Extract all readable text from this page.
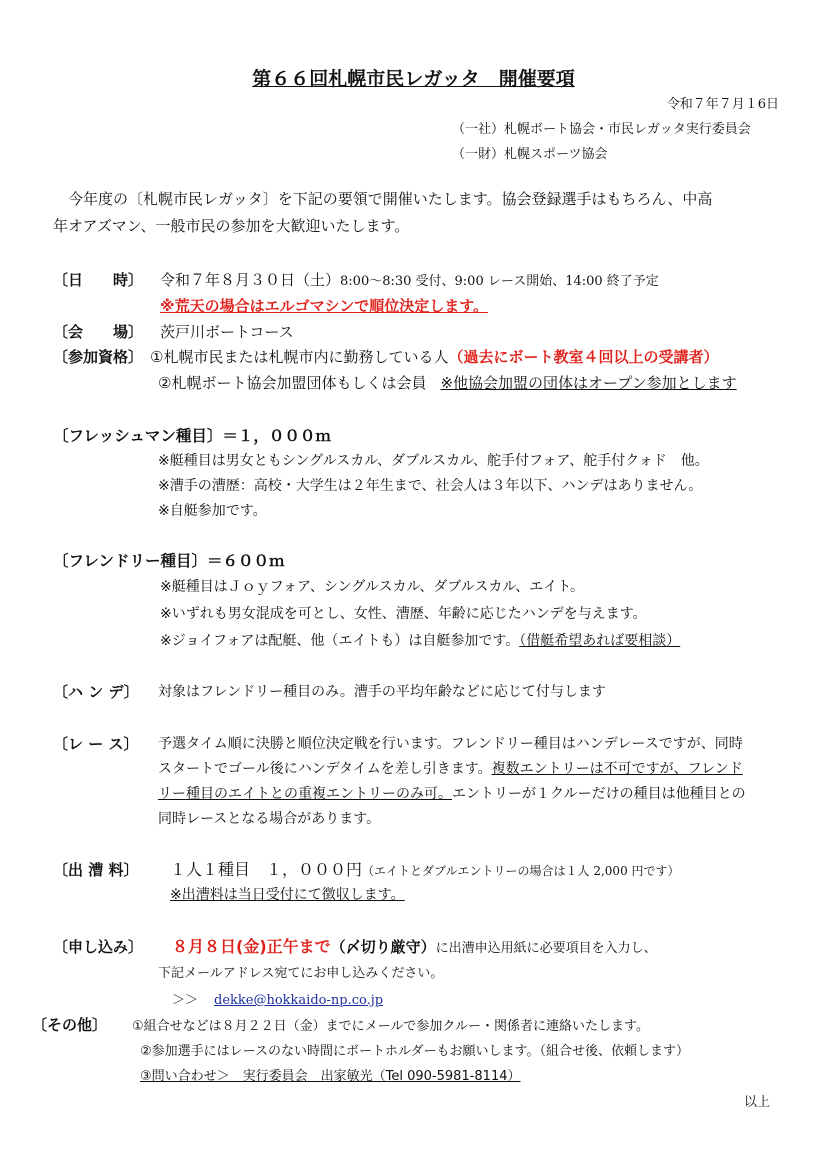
第６６回札幌市民レガッタ　開催要項
令和７年７月１6日
（一社）札幌ボート協会・市民レガッタ実行委員会
（一財）札幌スポーツ協会
今年度の〔札幌市民レガッタ〕を下記の要領で開催いたします。協会登録選手はもちろん、中高
年オアズマン、一般市民の参加を大歓迎いたします。
〔日　　時〕 令和７年８月３０日（土）8:00～8:30 受付、9:00 レース開始、14:00 終了予定
※荒天の場合はエルゴマシンで順位決定します。
〔会　　場〕 茨戸川ボートコース
〔参加資格〕 ①札幌市民または札幌市内に勤務している人（過去にボート教室４回以上の受講者）
②札幌ボート協会加盟団体もしくは会員 ※他協会加盟の団体はオープン参加とします
〔フレッシュマン種目〕＝１，０００ｍ
※艇種目は男女ともシングルスカル、ダブルスカル、舵手付フォア、舵手付クォド　他。
※漕手の漕歴：高校・大学生は２年生まで、社会人は３年以下、ハンデはありません。
※自艇参加です。
〔フレンドリー種目〕＝６００ｍ
※艇種目はＪｏｙフォア、シングルスカル、ダブルスカル、エイト。
※いずれも男女混成を可とし、女性、漕歴、年齢に応じたハンデを与えます。
※ジョイフォアは配艇、他（エイトも）は自艇参加です。（借艇希望あれば要相談）
〔ハ ン デ〕 対象はフレンドリー種目のみ。漕手の平均年齢などに応じて付与します
〔レ ー ス〕 予選タイム順に決勝と順位決定戦を行います。フレンドリー種目はハンデレースですが、同時
スタートでゴール後にハンデタイムを差し引きます。複数エントリーは不可ですが、フレンド
リー種目のエイトとの重複エントリーのみ可。エントリーが１クルーだけの種目は他種目との
同時レースとなる場合があります。
〔出 漕 料〕 １人１種目　１，０００円（エイトとダブルエントリーの場合は１人 2,000 円です）
※出漕料は当日受付にて徴収します。
〔申し込み〕 ８月８日(金)正午まで（〆切り厳守）に出漕申込用紙に必要項目を入力し、
下記メールアドレス宛てにお申し込みください。
＞＞ dekke@hokkaido-np.co.jp
〔その他〕 ①組合せなどは８月２２日（金）までにメールで参加クルー・関係者に連絡いたします。
②参加選手にはレースのない時間にボートホルダーもお願いします。（組合せ後、依頼します）
③問い合わせ＞　実行委員会　出家敏光（Tel 090-5981-8114）
以上
